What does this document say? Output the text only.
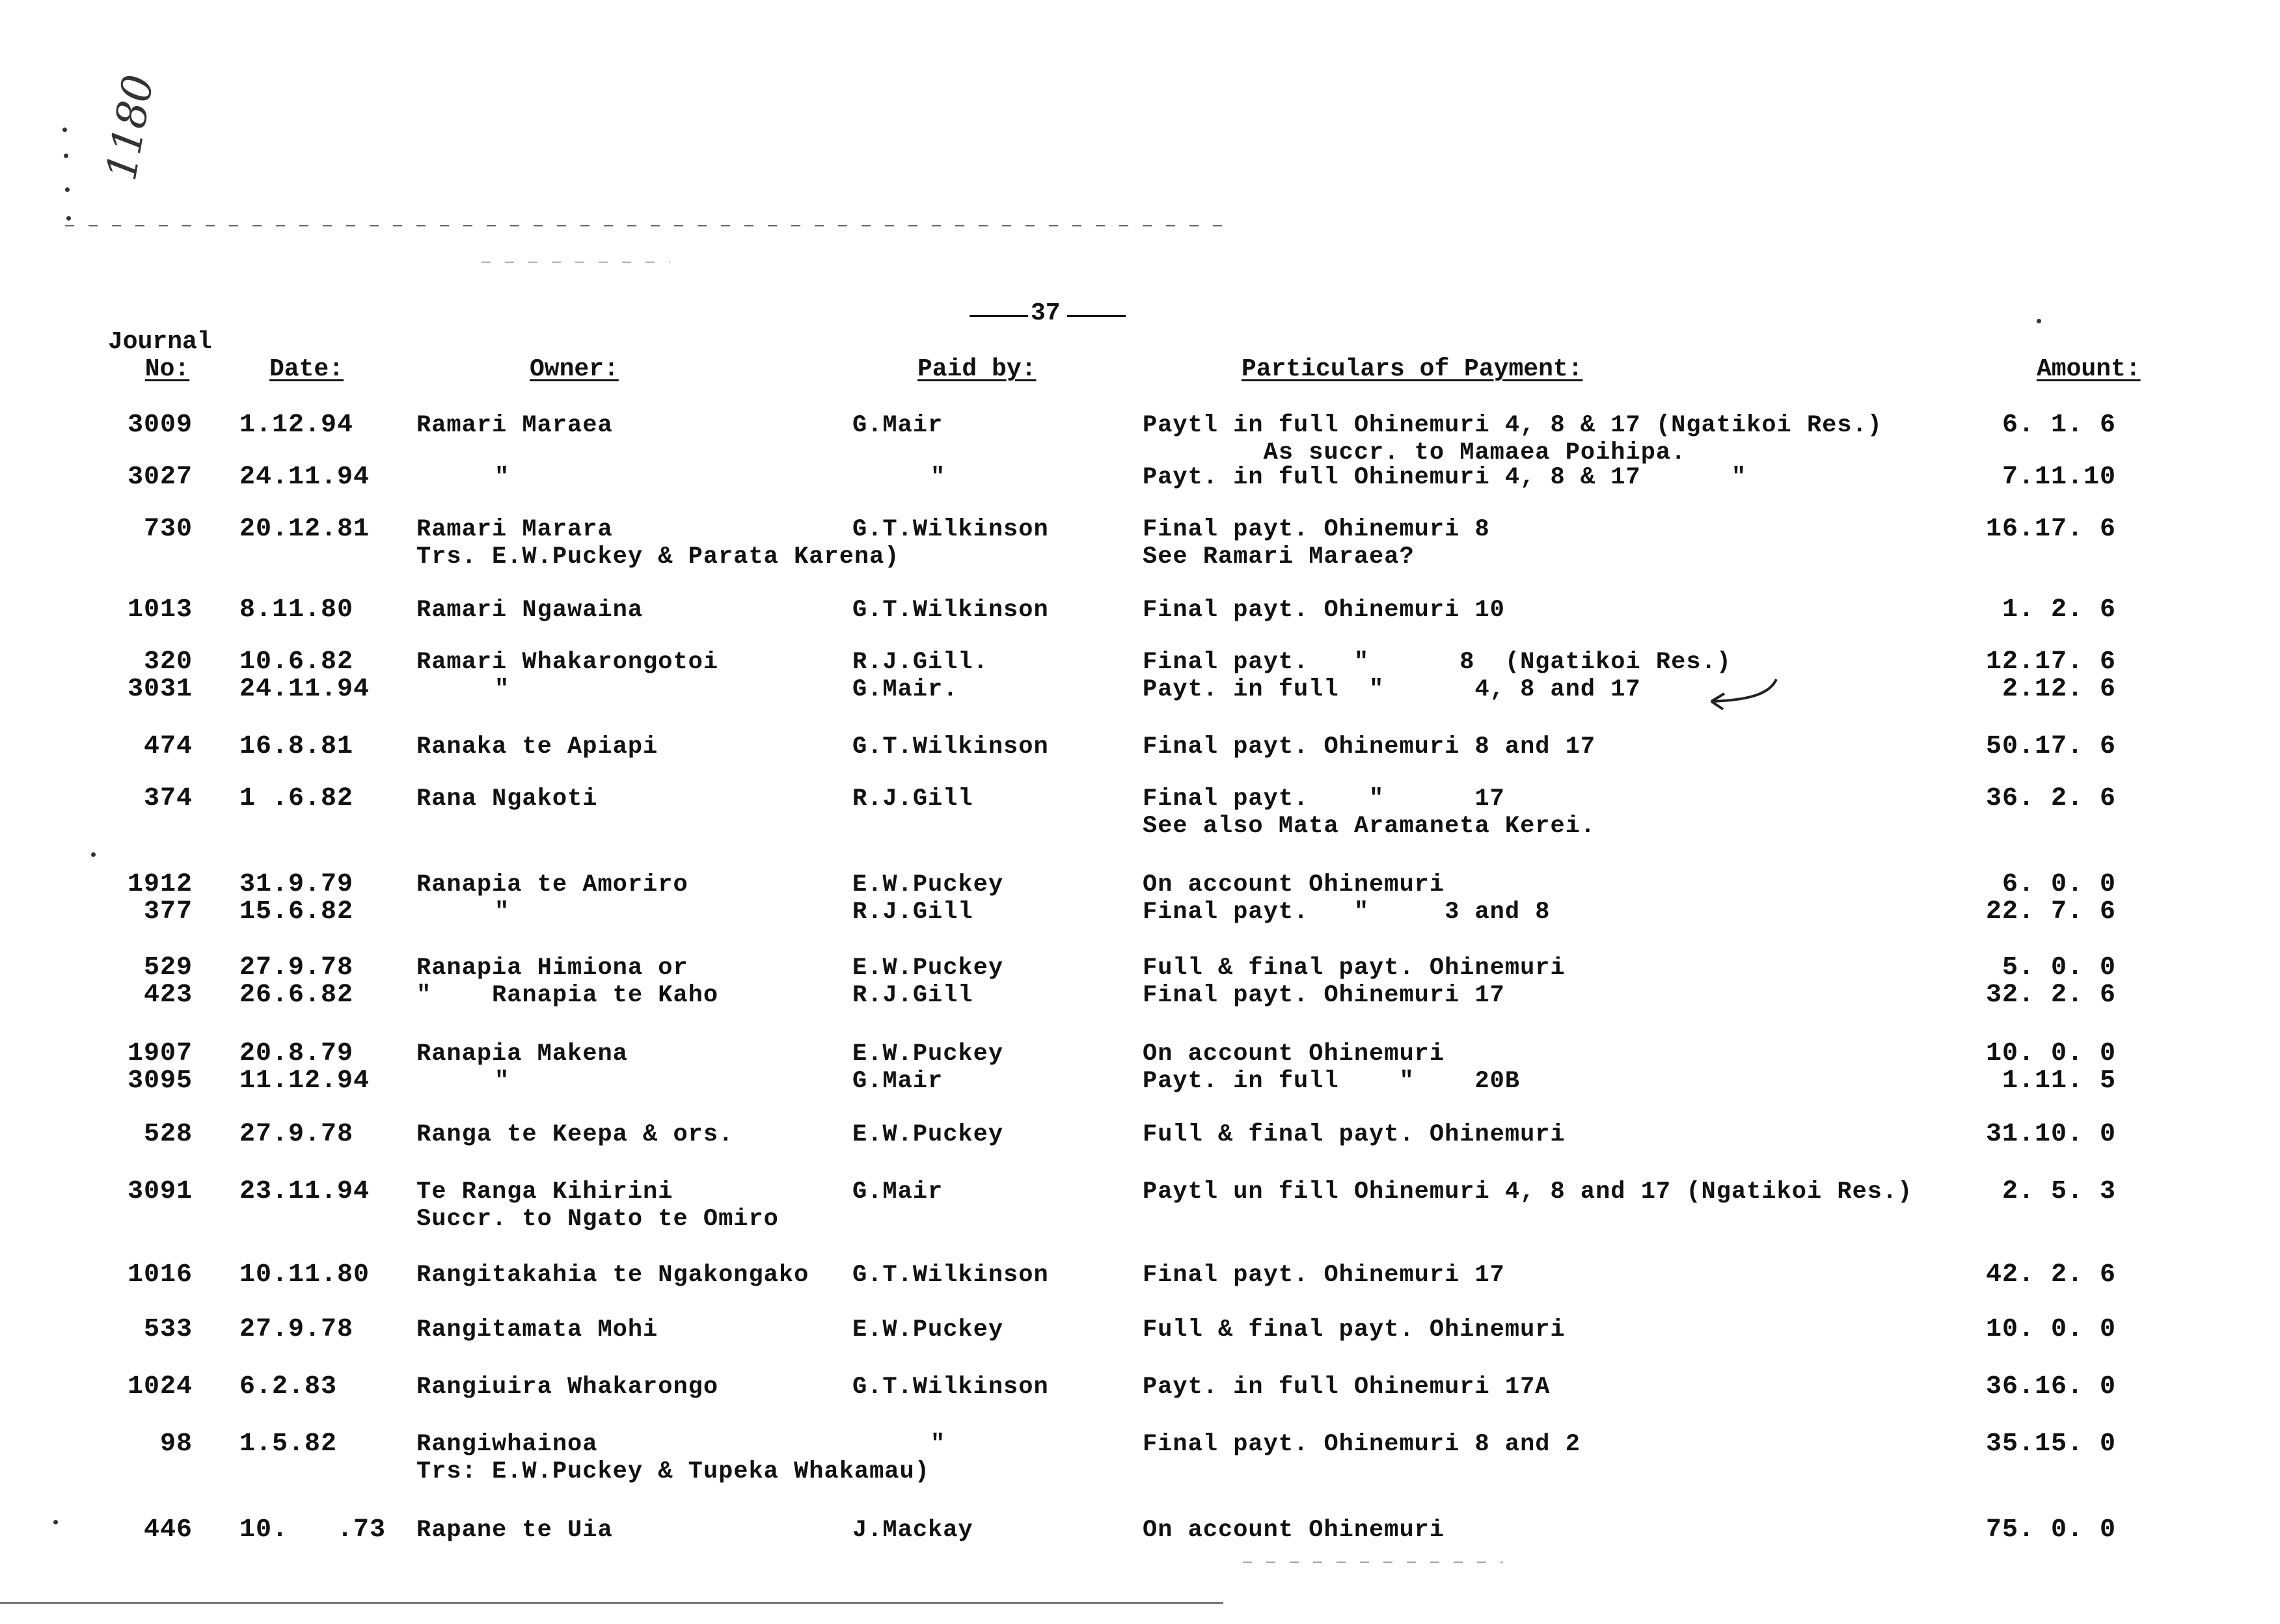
1180
37
Journal
No:	Date:	Owner:	Paid by:	Particulars of Payment:	Amount:
3009 1.12.94	Ramari Maraea	G.Mair	Paytl in full Ohinemuri 4, 8 & 17 (Ngatikoi Res.)	6. 1. 6
As succr. to Mamaea Poihipa.
3027 24.11.94	"	"	Payt. in full Ohinemuri 4, 8 & 17      "	7.11.10
730 20.12.81	Ramari Marara	G.T.Wilkinson	Final payt. Ohinemuri 8	16.17. 6
Trs. E.W.Puckey & Parata Karena)	See Ramari Maraea?
1013 8.11.80	Ramari Ngawaina	G.T.Wilkinson	Final payt. Ohinemuri 10	1. 2. 6
320 10.6.82	Ramari Whakarongotoi	R.J.Gill.	Final payt.   "      8  (Ngatikoi Res.)	12.17. 6
3031 24.11.94	"	G.Mair.	Payt. in full  "      4, 8 and 17	2.12. 6
474 16.8.81	Ranaka te Apiapi	G.T.Wilkinson	Final payt. Ohinemuri 8 and 17	50.17. 6
374 1 .6.82	Rana Ngakoti	R.J.Gill	Final payt.    "      17	36. 2. 6
See also Mata Aramaneta Kerei.
1912 31.9.79	Ranapia te Amoriro	E.W.Puckey	On account Ohinemuri	6. 0. 0
377 15.6.82	"	R.J.Gill	Final payt.   "     3 and 8	22. 7. 6
529 27.9.78	Ranapia Himiona or	E.W.Puckey	Full & final payt. Ohinemuri	5. 0. 0
423 26.6.82	"    Ranapia te Kaho	R.J.Gill	Final payt. Ohinemuri 17	32. 2. 6
1907 20.8.79	Ranapia Makena	E.W.Puckey	On account Ohinemuri	10. 0. 0
3095 11.12.94	"	G.Mair	Payt. in full    "    20B	1.11. 5
528 27.9.78	Ranga te Keepa & ors.	E.W.Puckey	Full & final payt. Ohinemuri	31.10. 0
3091 23.11.94	Te Ranga Kihirini	G.Mair	Paytl un fill Ohinemuri 4, 8 and 17 (Ngatikoi Res.)	2. 5. 3
Succr. to Ngato te Omiro
1016 10.11.80	Rangitakahia te Ngakongako	G.T.Wilkinson	Final payt. Ohinemuri 17	42. 2. 6
533 27.9.78	Rangitamata Mohi	E.W.Puckey	Full & final payt. Ohinemuri	10. 0. 0
1024 6.2.83	Rangiuira Whakarongo	G.T.Wilkinson	Payt. in full Ohinemuri 17A	36.16. 0
98 1.5.82	Rangiwhainoa	"	Final payt. Ohinemuri 8 and 2	35.15. 0
Trs: E.W.Puckey & Tupeka Whakamau)
446 10.   .73	Rapane te Uia	J.Mackay	On account Ohinemuri	75. 0. 0
